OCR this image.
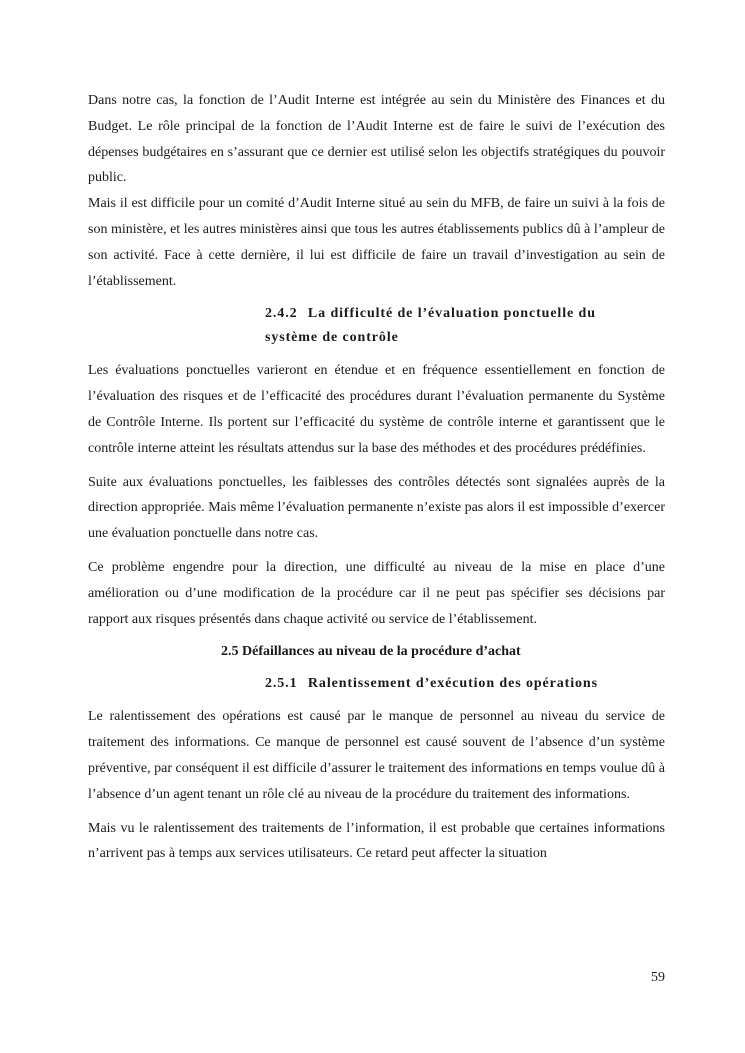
Dans notre cas, la fonction de l’Audit Interne est intégrée au sein du Ministère des Finances et du Budget. Le rôle principal de la fonction de l’Audit Interne est de faire le suivi de l’exécution des dépenses budgétaires en s’assurant que ce dernier est utilisé selon les objectifs stratégiques du pouvoir public.

Mais il est difficile pour un comité d’Audit Interne situé au sein du MFB, de faire un suivi à la fois de son ministère, et les autres ministères ainsi que tous les autres établissements publics dû à l’ampleur de son activité. Face à cette dernière, il lui est difficile de faire un travail d’investigation au sein de l’établissement.

2.4.2 La difficulté de l’évaluation ponctuelle du
système de contrôle

Les évaluations ponctuelles varieront en étendue et en fréquence essentiellement en fonction de l’évaluation des risques et de l’efficacité des procédures durant l’évaluation permanente du Système de Contrôle Interne. Ils portent sur l’efficacité du système de contrôle interne et garantissent que le contrôle interne atteint les résultats attendus sur la base des méthodes et des procédures prédéfinies.

Suite aux évaluations ponctuelles, les faiblesses des contrôles détectés sont signalées auprès de la direction appropriée. Mais même l’évaluation permanente n’existe pas alors il est impossible d’exercer une évaluation ponctuelle dans notre cas.

Ce problème engendre pour la direction, une difficulté au niveau de la mise en place d’une amélioration ou d’une modification de la procédure car il ne peut pas spécifier ses décisions par rapport aux risques présentés dans chaque activité ou service de l’établissement.

2.5 Défaillances au niveau de la procédure d’achat
2.5.1 Ralentissement d’exécution des opérations

Le ralentissement des opérations est causé par le manque de personnel au niveau du service de traitement des informations. Ce manque de personnel est causé souvent de l’absence d’un système préventive, par conséquent il est difficile d’assurer le traitement des informations en temps voulue dû à l’absence d’un agent tenant un rôle clé au niveau de la procédure du traitement des informations.

Mais vu le ralentissement des traitements de l’information, il est probable que certaines informations n’arrivent pas à temps aux services utilisateurs. Ce retard peut affecter la situation

59
